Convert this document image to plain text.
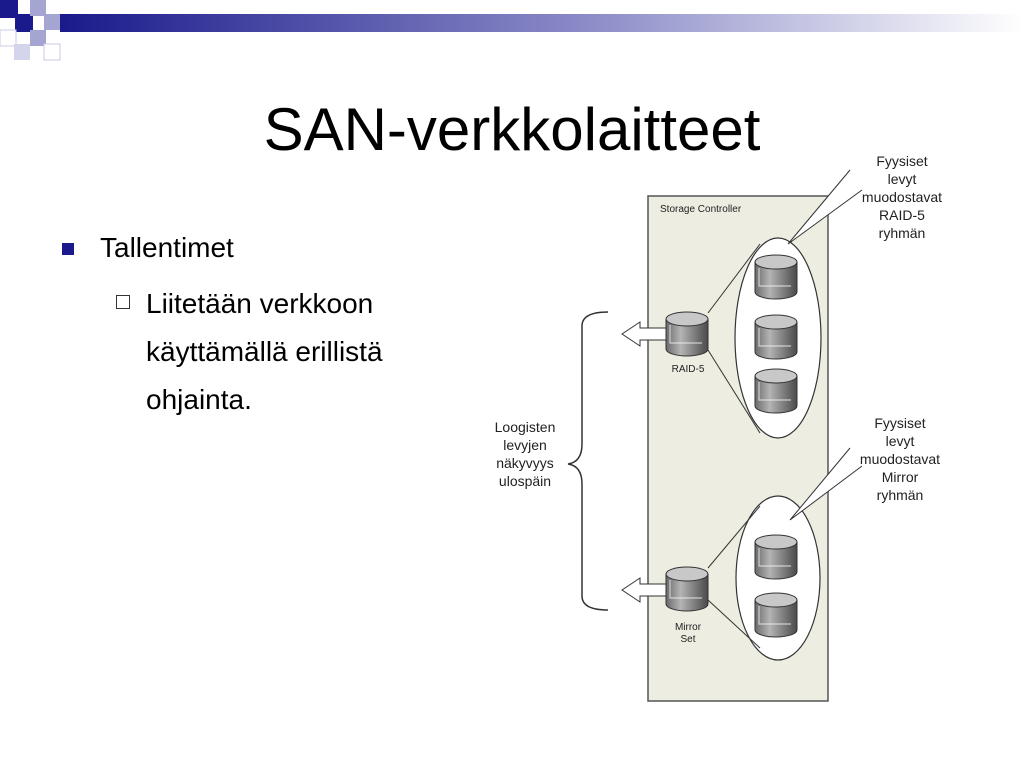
SAN-verkkolaitteet
Tallentimet
Liitetään verkkoon
käyttämällä erillistä
ohjainta.
Storage Controller
RAID-5
Mirror
Set
Loogisten
levyjen
näkyvyys
ulospäin
Fyysiset
levyt
muodostavat
RAID-5
ryhmän
Fyysiset
levyt
muodostavat
Mirror
ryhmän
